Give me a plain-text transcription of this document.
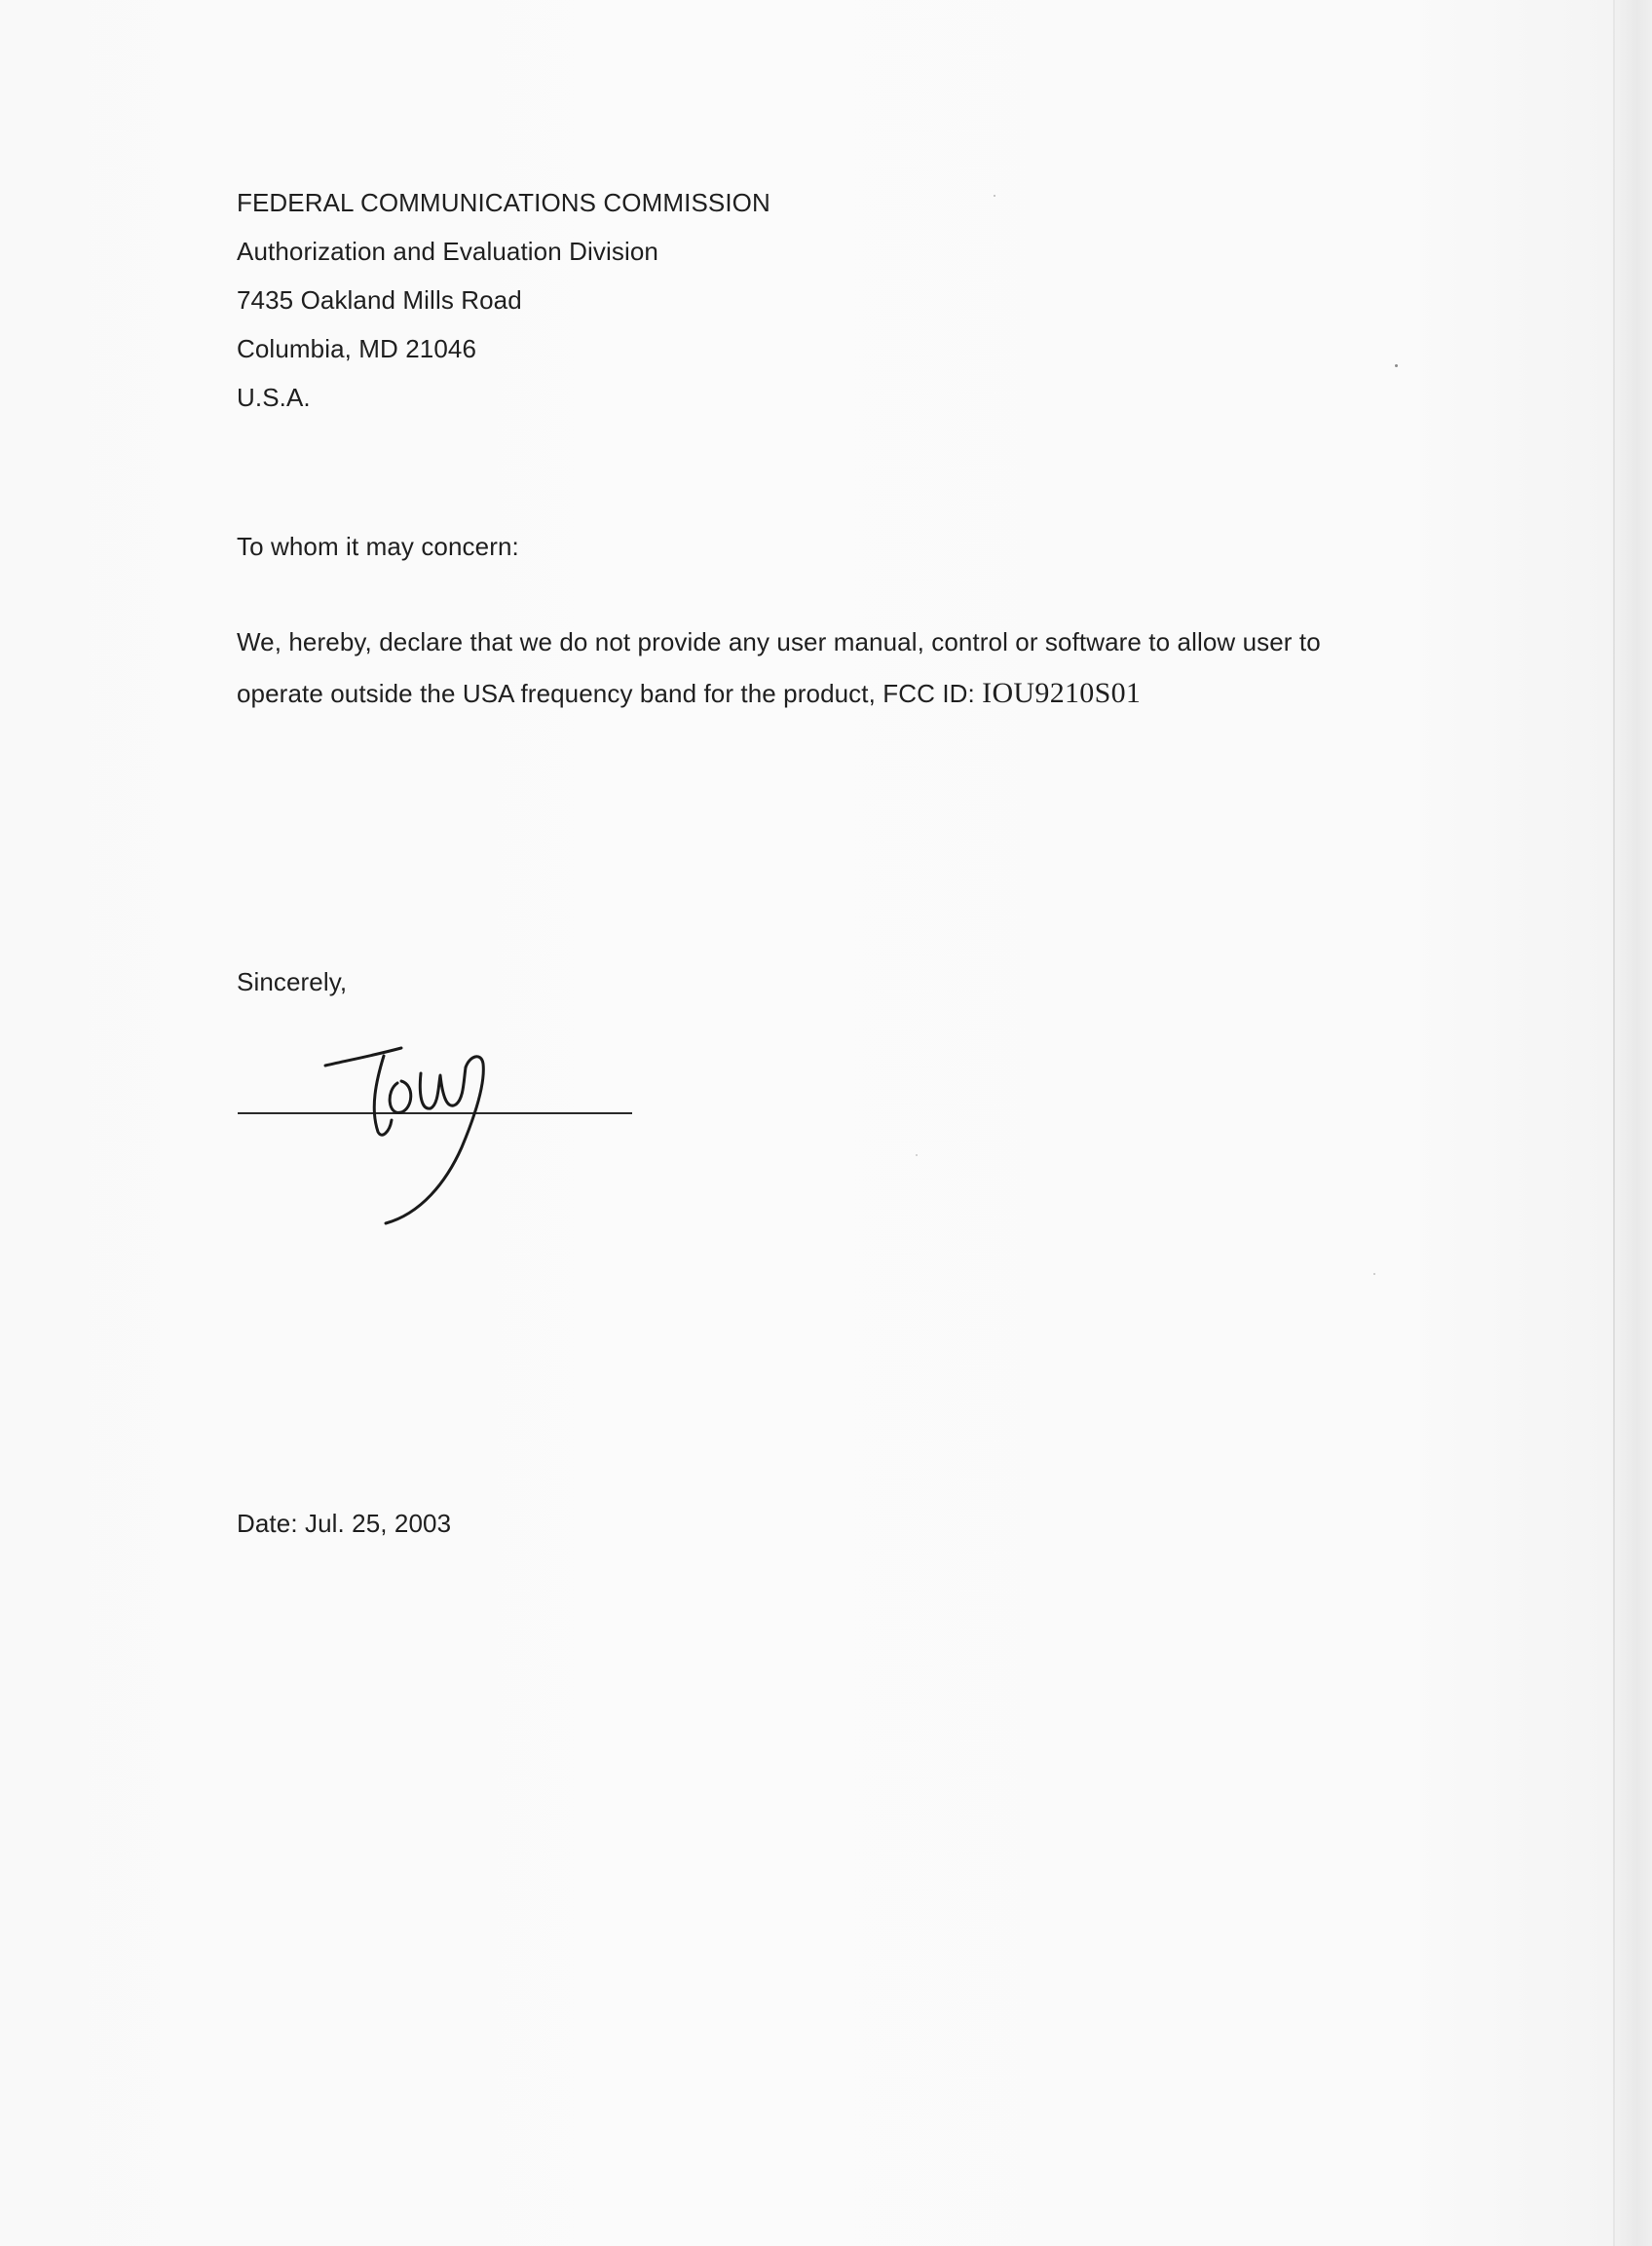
FEDERAL COMMUNICATIONS COMMISSION
Authorization and Evaluation Division
7435 Oakland Mills Road
Columbia, MD 21046
U.S.A.
To whom it may concern:
We, hereby, declare that we do not provide any user manual, control or software to allow user to
operate outside the USA frequency band for the product, FCC ID: IOU9210S01
Sincerely,
Date: Jul. 25, 2003
